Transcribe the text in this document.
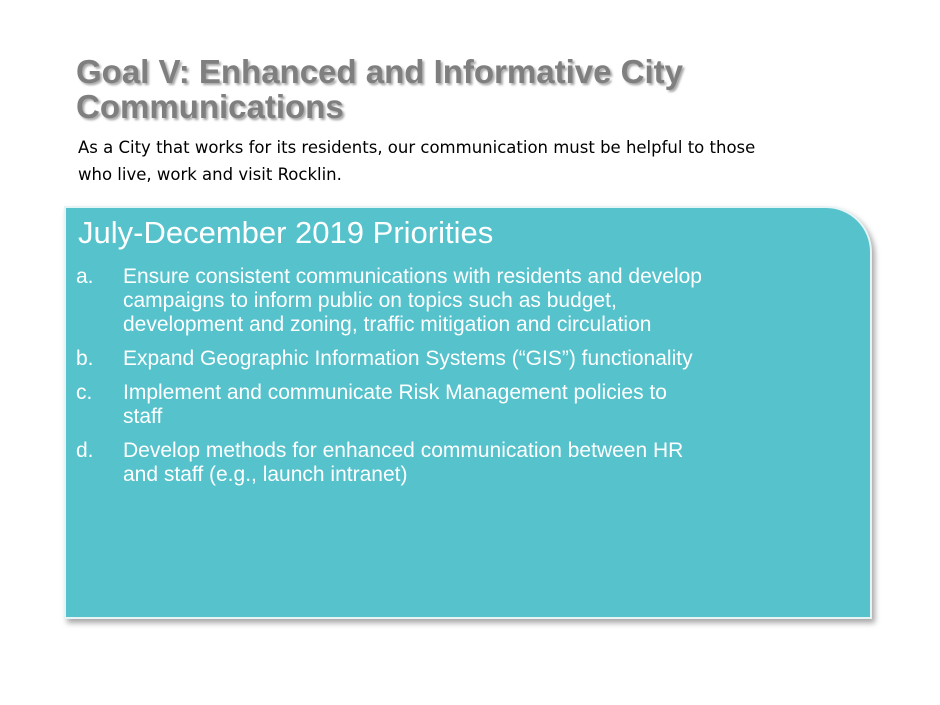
Goal V: Enhanced and Informative City
Communications

As a City that works for its residents, our communication must be helpful to those
who live, work and visit Rocklin.

July-December 2019 Priorities
a. Ensure consistent communications with residents and develop
campaigns to inform public on topics such as budget,
development and zoning, traffic mitigation and circulation
b. Expand Geographic Information Systems (“GIS”) functionality
c. Implement and communicate Risk Management policies to
staff
d. Develop methods for enhanced communication between HR
and staff (e.g., launch intranet)
